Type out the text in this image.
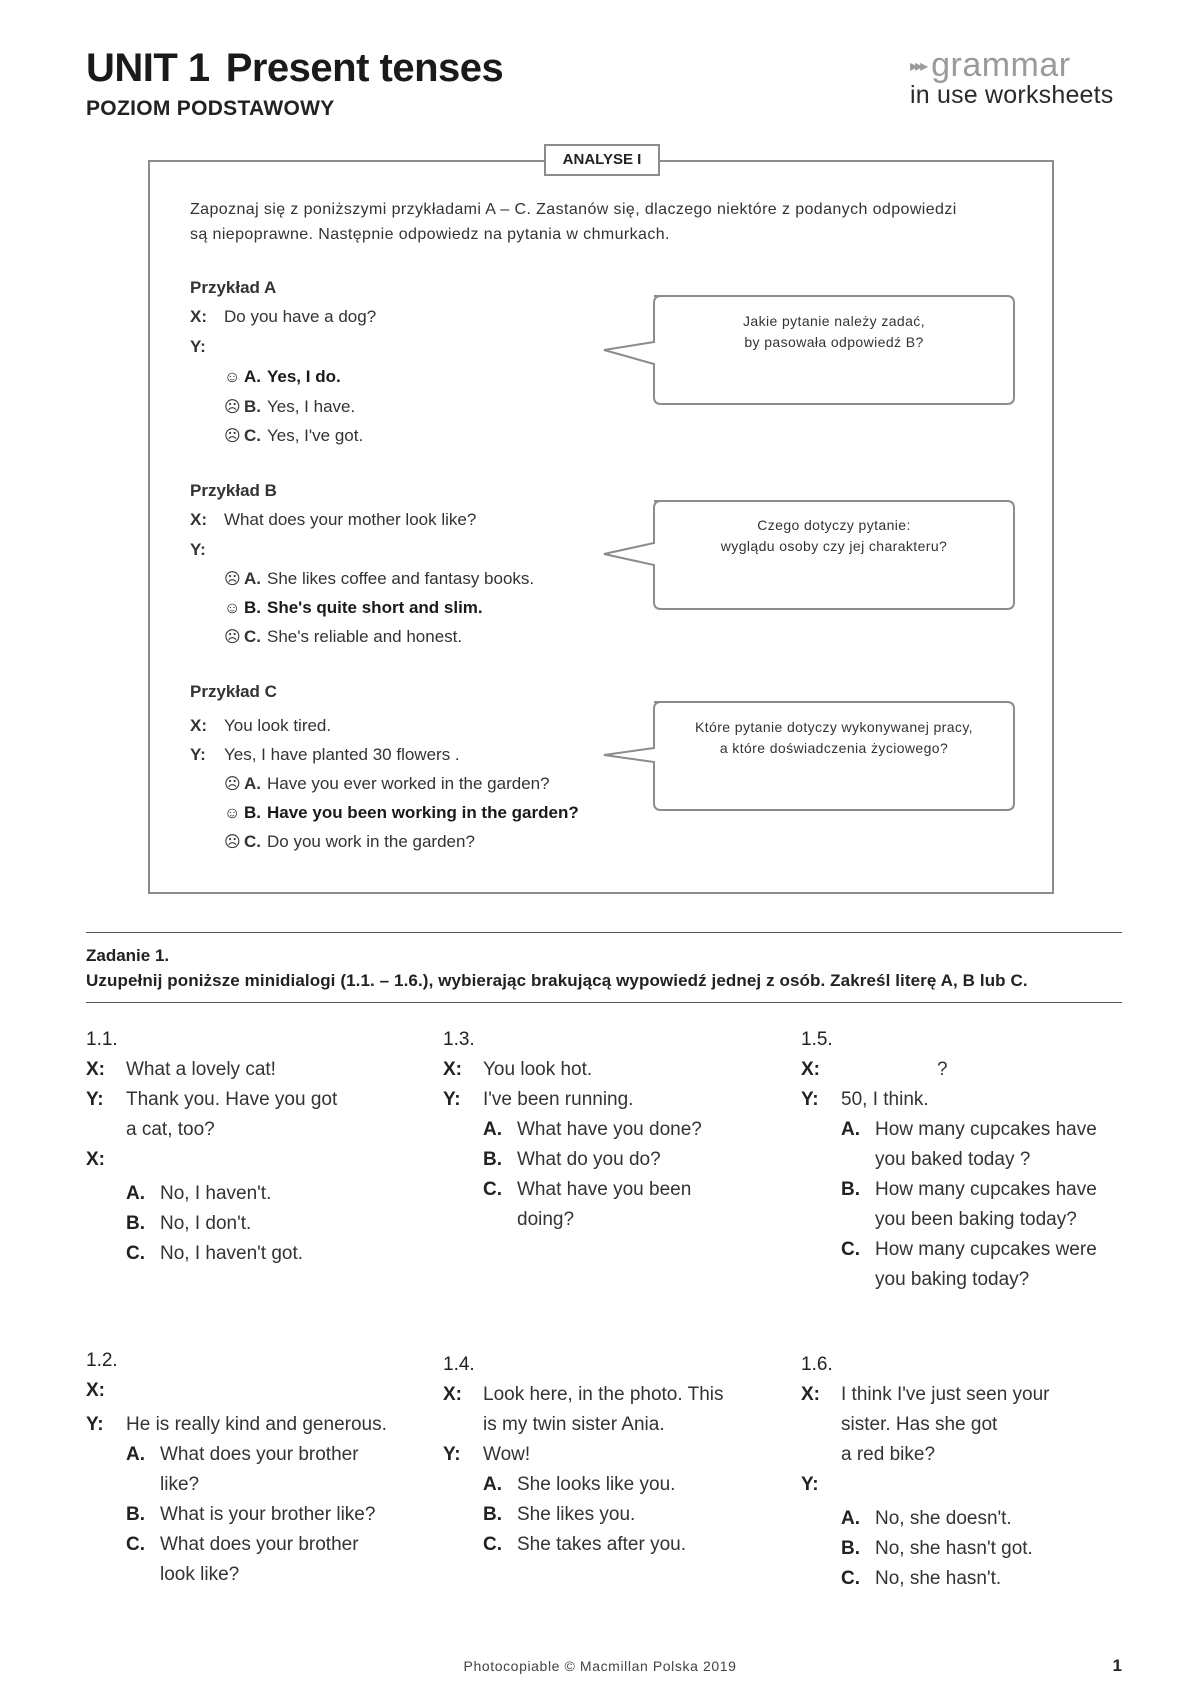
UNIT 1 Present tenses
POZIOM PODSTAWOWY
▸▸▸ grammar
in use worksheets
ANALYSE I
Zapoznaj się z poniższymi przykładami A – C. Zastanów się, dlaczego niektóre z podanych odpowiedzi
są niepoprawne. Następnie odpowiedz na pytania w chmurkach.
Przykład A
X: Do you have a dog?
Y:
☺ A. Yes, I do.
☹ B. Yes, I have.
☹ C. Yes, I've got.
Jakie pytanie należy zadać,
by pasowała odpowiedź B?
Przykład B
X: What does your mother look like?
Y:
☹ A. She likes coffee and fantasy books.
☺ B. She's quite short and slim.
☹ C. She's reliable and honest.
Czego dotyczy pytanie:
wyglądu osoby czy jej charakteru?
Przykład C
X: You look tired.
Y: Yes, I have planted 30 flowers .
☹ A. Have you ever worked in the garden?
☺ B. Have you been working in the garden?
☹ C. Do you work in the garden?
Które pytanie dotyczy wykonywanej pracy,
a które doświadczenia życiowego?
Zadanie 1.
Uzupełnij poniższe minidialogi (1.1. – 1.6.), wybierając brakującą wypowiedź jednej z osób. Zakreśl literę A, B lub C.
1.1.
X: What a lovely cat!
Y: Thank you. Have you got
a cat, too?
X:
A. No, I haven't.
B. No, I don't.
C. No, I haven't got.
1.2.
X:
Y: He is really kind and generous.
A. What does your brother
like?
B. What is your brother like?
C. What does your brother
look like?
1.3.
X: You look hot.
Y: I've been running.
A. What have you done?
B. What do you do?
C. What have you been
doing?
1.4.
X: Look here, in the photo. This
is my twin sister Ania.
Y: Wow!
A. She looks like you.
B. She likes you.
C. She takes after you.
1.5.
X:	?
Y: 50, I think.
A. How many cupcakes have
you baked today ?
B. How many cupcakes have
you been baking today?
C. How many cupcakes were
you baking today?
1.6.
X: I think I've just seen your
sister. Has she got
a red bike?
Y:
A. No, she doesn't.
B. No, she hasn't got.
C. No, she hasn't.
Photocopiable © Macmillan Polska 2019	1
